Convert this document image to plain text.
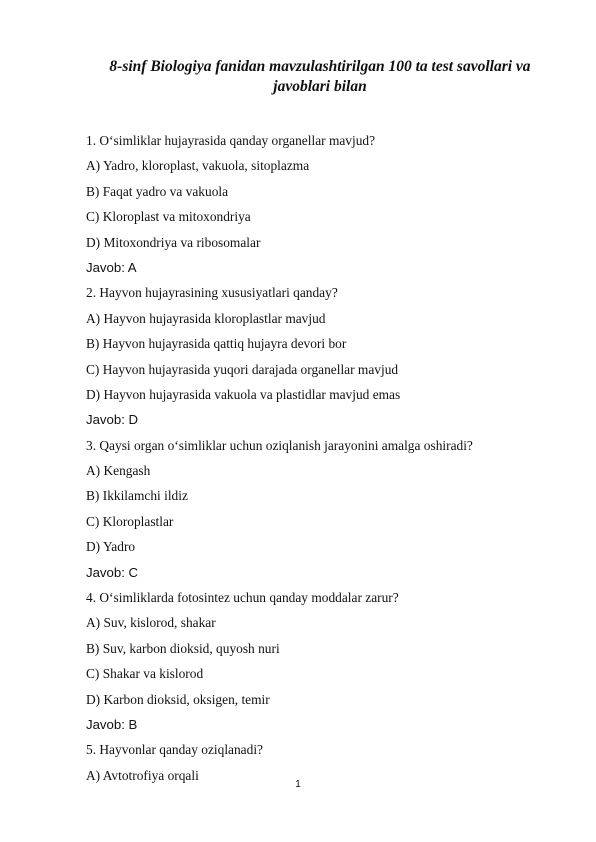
8-sinf Biologiya fanidan mavzulashtirilgan 100 ta test savollari va javoblari bilan
1. O‘simliklar hujayrasida qanday organellar mavjud?
A) Yadro, kloroplast, vakuola, sitoplazma
B) Faqat yadro va vakuola
C) Kloroplast va mitoxondriya
D) Mitoxondriya va ribosomalar
Javob: A
2. Hayvon hujayrasining xususiyatlari qanday?
A) Hayvon hujayrasida kloroplastlar mavjud
B) Hayvon hujayrasida qattiq hujayra devori bor
C) Hayvon hujayrasida yuqori darajada organellar mavjud
D) Hayvon hujayrasida vakuola va plastidlar mavjud emas
Javob: D
3. Qaysi organ o‘simliklar uchun oziqlanish jarayonini amalga oshiradi?
A) Kengash
B) Ikkilamchi ildiz
C) Kloroplastlar
D) Yadro
Javob: C
4. O‘simliklarda fotosintez uchun qanday moddalar zarur?
A) Suv, kislorod, shakar
B) Suv, karbon dioksid, quyosh nuri
C) Shakar va kislorod
D) Karbon dioksid, oksigen, temir
Javob: B
5. Hayvonlar qanday oziqlanadi?
A) Avtotrofiya orqali
1
